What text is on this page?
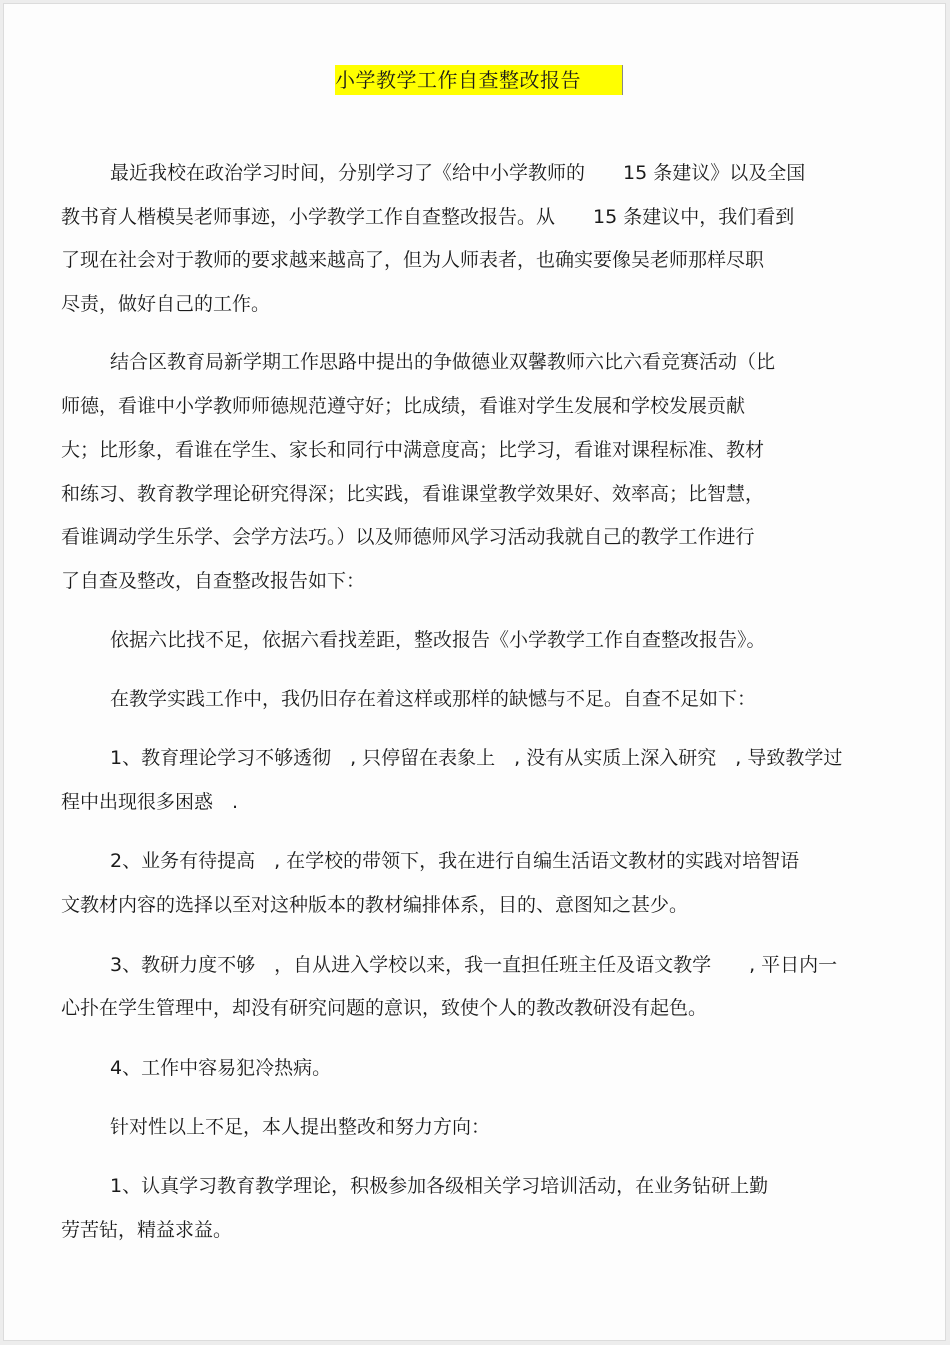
小学教学工作自查整改报告
最近我校在政治学习时间，分别学习了《给中小学教师的　　15 条建议》以及全国
教书育人楷模吴老师事迹，小学教学工作自查整改报告。从　　15 条建议中，我们看到
了现在社会对于教师的要求越来越高了，但为人师表者，也确实要像吴老师那样尽职
尽责，做好自己的工作。
结合区教育局新学期工作思路中提出的争做德业双馨教师六比六看竞赛活动（比
师德，看谁中小学教师师德规范遵守好；比成绩，看谁对学生发展和学校发展贡献
大；比形象，看谁在学生、家长和同行中满意度高；比学习，看谁对课程标准、教材
和练习、教育教学理论研究得深；比实践，看谁课堂教学效果好、效率高；比智慧，
看谁调动学生乐学、会学方法巧。）以及师德师风学习活动我就自己的教学工作进行
了自查及整改，自查整改报告如下：
依据六比找不足，依据六看找差距，整改报告《小学教学工作自查整改报告》。
在教学实践工作中，我仍旧存在着这样或那样的缺憾与不足。自查不足如下：
1、教育理论学习不够透彻　, 只停留在表象上　, 没有从实质上深入研究　, 导致教学过
程中出现很多困惑　.
2、业务有待提高　, 在学校的带领下，我在进行自编生活语文教材的实践对培智语
文教材内容的选择以至对这种版本的教材编排体系，目的、意图知之甚少。
3、教研力度不够　，自从进入学校以来，我一直担任班主任及语文教学　　, 平日内一
心扑在学生管理中，却没有研究问题的意识，致使个人的教改教研没有起色。
4、工作中容易犯冷热病。
针对性以上不足，本人提出整改和努力方向：
1、认真学习教育教学理论，积极参加各级相关学习培训活动，在业务钻研上勤
劳苦钻，精益求益。
